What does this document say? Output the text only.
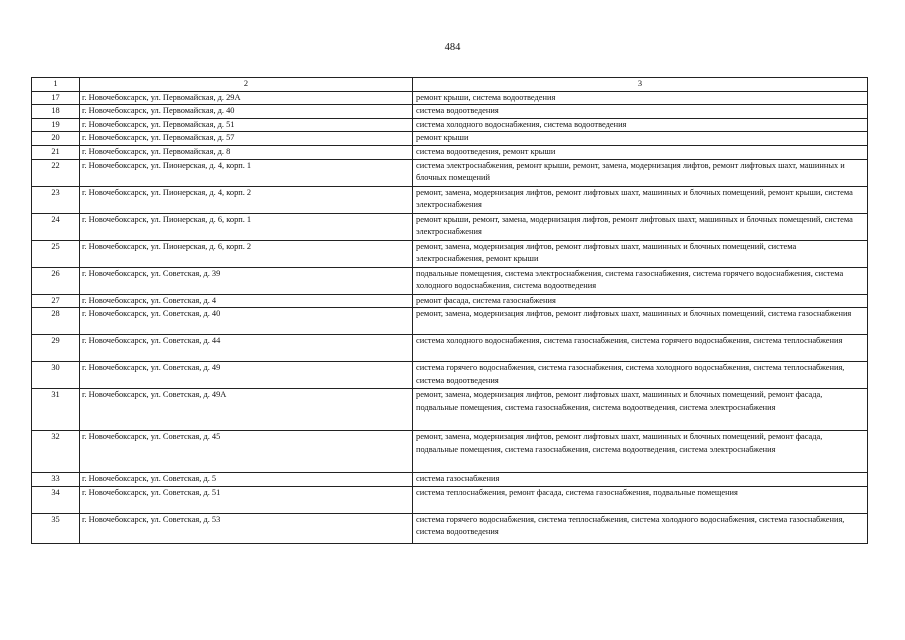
484
1	2	3
17	г. Новочебоксарск, ул. Первомайская, д. 29А	ремонт крыши, система водоотведения
18	г. Новочебоксарск, ул. Первомайская, д. 40	система водоотведения
19	г. Новочебоксарск, ул. Первомайская, д. 51	система холодного водоснабжения, система водоотведения
20	г. Новочебоксарск, ул. Первомайская, д. 57	ремонт крыши
21	г. Новочебоксарск, ул. Первомайская, д. 8	система водоотведения, ремонт крыши
22	г. Новочебоксарск, ул. Пионерская, д. 4, корп. 1	система электроснабжения, ремонт крыши, ремонт, замена, модернизация лифтов, ремонт лифтовых шахт, машинных и блочных помещений
23	г. Новочебоксарск, ул. Пионерская, д. 4, корп. 2	ремонт, замена, модернизация лифтов, ремонт лифтовых шахт, машинных и блочных помещений, ремонт крыши, система электроснабжения
24	г. Новочебоксарск, ул. Пионерская, д. 6, корп. 1	ремонт крыши, ремонт, замена, модернизация лифтов, ремонт лифтовых шахт, машинных и блочных помещений, система электроснабжения
25	г. Новочебоксарск, ул. Пионерская, д. 6, корп. 2	ремонт, замена, модернизация лифтов, ремонт лифтовых шахт, машинных и блочных помещений, система электроснабжения, ремонт крыши
26	г. Новочебоксарск, ул. Советская, д. 39	подвальные помещения, система электроснабжения, система газоснабжения, система горячего водоснабжения, система холодного водоснабжения, система водоотведения
27	г. Новочебоксарск, ул. Советская, д. 4	ремонт фасада, система газоснабжения
28	г. Новочебоксарск, ул. Советская, д. 40	ремонт, замена, модернизация лифтов, ремонт лифтовых шахт, машинных и блочных помещений, система газоснабжения
29	г. Новочебоксарск, ул. Советская, д. 44	система холодного водоснабжения, система газоснабжения, система горячего водоснабжения, система теплоснабжения
30	г. Новочебоксарск, ул. Советская, д. 49	система горячего водоснабжения, система газоснабжения, система холодного водоснабжения, система теплоснабжения, система водоотведения
31	г. Новочебоксарск, ул. Советская, д. 49А	ремонт, замена, модернизация лифтов, ремонт лифтовых шахт, машинных и блочных помещений, ремонт фасада, подвальные помещения, система газоснабжения, система водоотведения, система электроснабжения
32	г. Новочебоксарск, ул. Советская, д. 45	ремонт, замена, модернизация лифтов, ремонт лифтовых шахт, машинных и блочных помещений, ремонт фасада, подвальные помещения, система газоснабжения, система водоотведения, система электроснабжения
33	г. Новочебоксарск, ул. Советская, д. 5	система газоснабжения
34	г. Новочебоксарск, ул. Советская, д. 51	система теплоснабжения, ремонт фасада, система газоснабжения, подвальные помещения
35	г. Новочебоксарск, ул. Советская, д. 53	система горячего водоснабжения, система теплоснабжения, система холодного водоснабжения, система газоснабжения, система водоотведения
